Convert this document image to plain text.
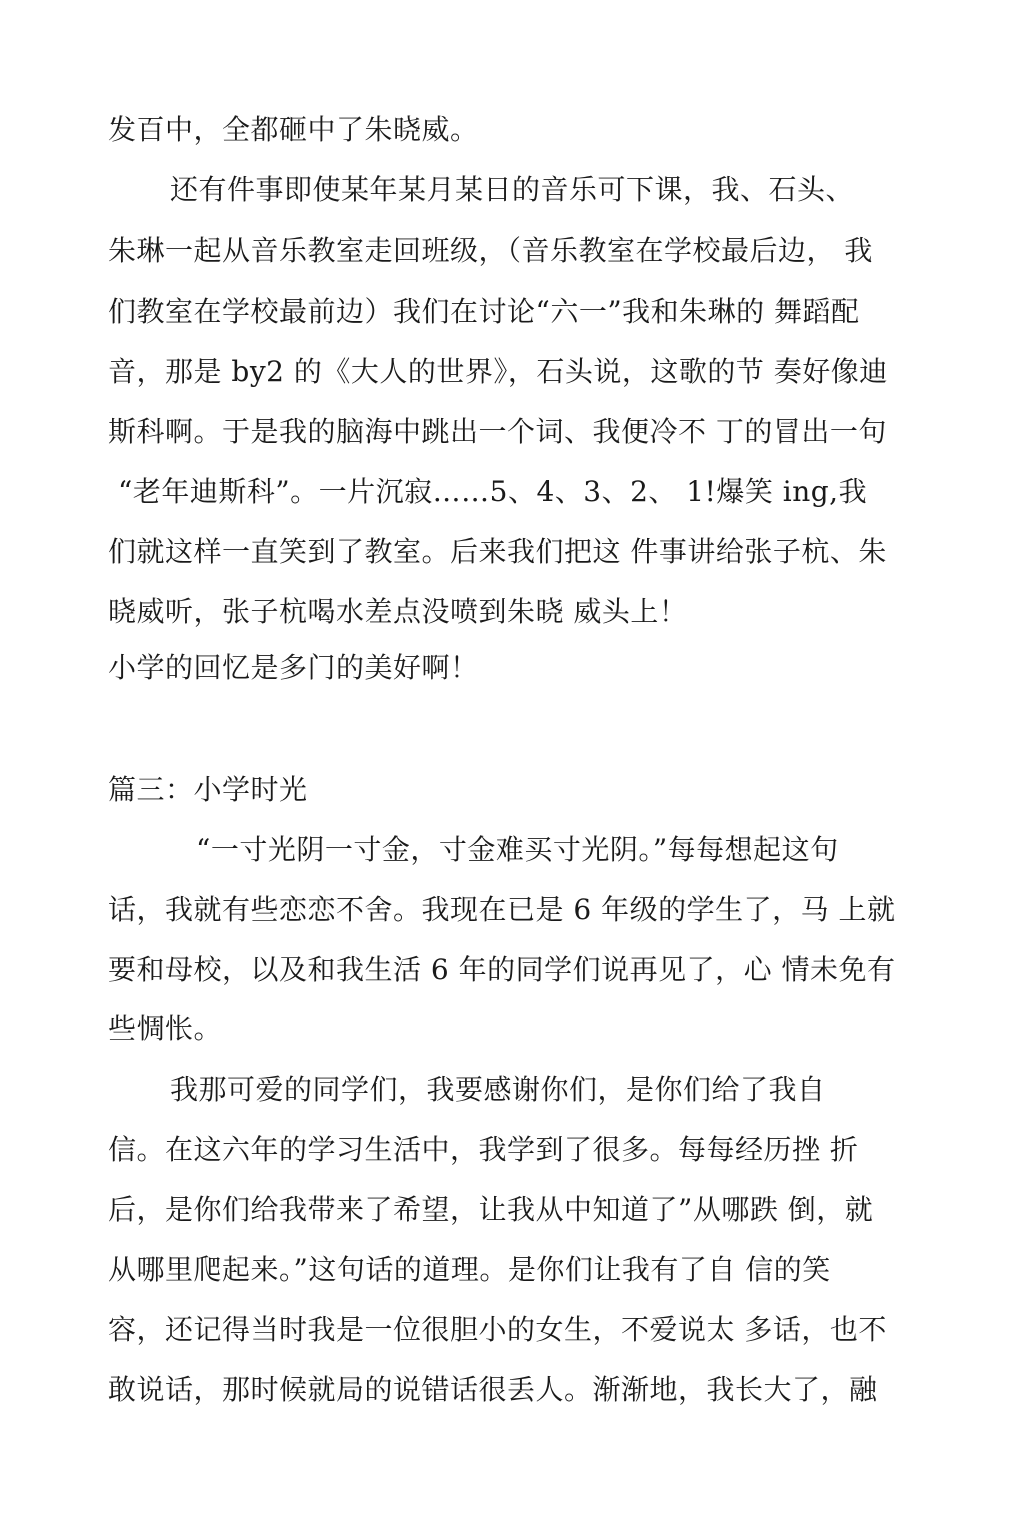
发百中，全都砸中了朱晓威。
还有件事即使某年某月某日的音乐可下课，我、石头、
朱琳一起从音乐教室走回班级，（音乐教室在学校最后边， 我
们教室在学校最前边）我们在讨论“六一”我和朱琳的 舞蹈配
音，那是 by2 的《大人的世界》，石头说，这歌的节 奏好像迪
斯科啊。于是我的脑海中跳出一个词、我便冷不 丁的冒出一句
“老年迪斯科”。一片沉寂……5、4、3、2、 1!爆笑 ing,我
们就这样一直笑到了教室。后来我们把这 件事讲给张子杭、朱
晓威听，张子杭喝水差点没喷到朱晓 威头上！
小学的回忆是多门的美好啊！
篇三：小学时光
“一寸光阴一寸金，寸金难买寸光阴。”每每想起这句
话，我就有些恋恋不舍。我现在已是 6 年级的学生了，马 上就
要和母校，以及和我生活 6 年的同学们说再见了，心 情未免有
些惆怅。
我那可爱的同学们，我要感谢你们，是你们给了我自
信。在这六年的学习生活中，我学到了很多。每每经历挫 折
后，是你们给我带来了希望，让我从中知道了”从哪跌 倒，就
从哪里爬起来。”这句话的道理。是你们让我有了自 信的笑
容，还记得当时我是一位很胆小的女生，不爱说太 多话，也不
敢说话，那时候就局的说错话很丢人。渐渐地，我长大了，融
